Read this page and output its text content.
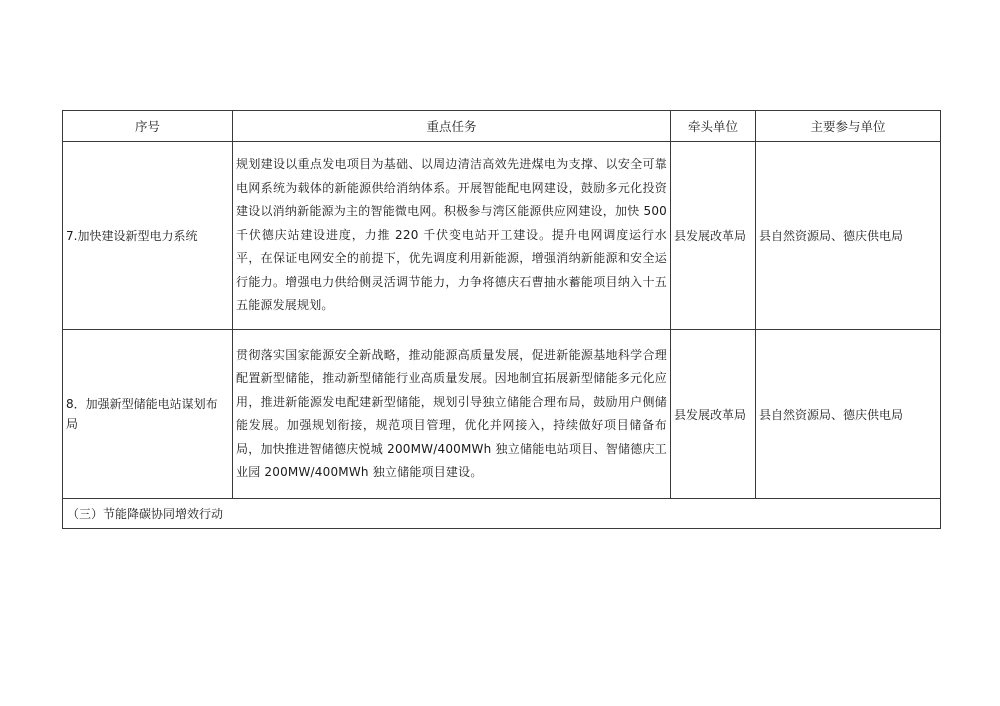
序号	重点任务	牵头单位	主要参与单位
7.加快建设新型电力系统	规划建设以重点发电项目为基础、以周边清洁高效先进煤电为支撑、以安全可靠电网系统为载体的新能源供给消纳体系。开展智能配电网建设，鼓励多元化投资建设以消纳新能源为主的智能微电网。积极参与湾区能源供应网建设，加快 500 千伏德庆站建设进度，力推 220 千伏变电站开工建设。提升电网调度运行水平，在保证电网安全的前提下，优先调度利用新能源，增强消纳新能源和安全运行能力。增强电力供给侧灵活调节能力，力争将德庆石曹抽水蓄能项目纳入十五五能源发展规划。	县发展改革局	县自然资源局、德庆供电局
8．加强新型储能电站谋划布局	贯彻落实国家能源安全新战略，推动能源高质量发展，促进新能源基地科学合理配置新型储能，推动新型储能行业高质量发展。因地制宜拓展新型储能多元化应用，推进新能源发电配建新型储能，规划引导独立储能合理布局，鼓励用户侧储能发展。加强规划衔接，规范项目管理，优化并网接入，持续做好项目储备布局，加快推进智储德庆悦城 200MW/400MWh 独立储能电站项目、智储德庆工业园 200MW/400MWh 独立储能项目建设。	县发展改革局	县自然资源局、德庆供电局
（三）节能降碳协同增效行动			
